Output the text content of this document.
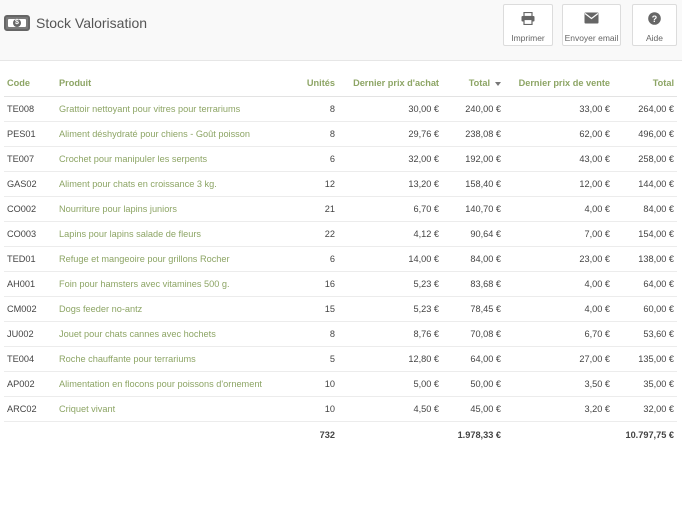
$ Stock Valorisation
Imprimer	Envoyer email
?
Aide
Code	Produit	Unités	Dernier prix d'achat	Total	Dernier prix de vente	Total
TE008	Grattoir nettoyant pour vitres pour terrariums	8	30,00 €	240,00 €	33,00 €	264,00 €
PES01	Aliment déshydraté pour chiens - Goût poisson	8	29,76 €	238,08 €	62,00 €	496,00 €
TE007	Crochet pour manipuler les serpents	6	32,00 €	192,00 €	43,00 €	258,00 €
GAS02	Aliment pour chats en croissance 3 kg.	12	13,20 €	158,40 €	12,00 €	144,00 €
CO002	Nourriture pour lapins juniors	21	6,70 €	140,70 €	4,00 €	84,00 €
CO003	Lapins pour lapins salade de fleurs	22	4,12 €	90,64 €	7,00 €	154,00 €
TED01	Refuge et mangeoire pour grillons Rocher	6	14,00 €	84,00 €	23,00 €	138,00 €
AH001	Foin pour hamsters avec vitamines 500 g.	16	5,23 €	83,68 €	4,00 €	64,00 €
CM002	Dogs feeder no-antz	15	5,23 €	78,45 €	4,00 €	60,00 €
JU002	Jouet pour chats cannes avec hochets	8	8,76 €	70,08 €	6,70 €	53,60 €
TE004	Roche chauffante pour terrariums	5	12,80 €	64,00 €	27,00 €	135,00 €
AP002	Alimentation en flocons pour poissons d'ornement	10	5,00 €	50,00 €	3,50 €	35,00 €
ARC02	Criquet vivant	10	4,50 €	45,00 €	3,20 €	32,00 €
		732		1.978,33 €		10.797,75 €
